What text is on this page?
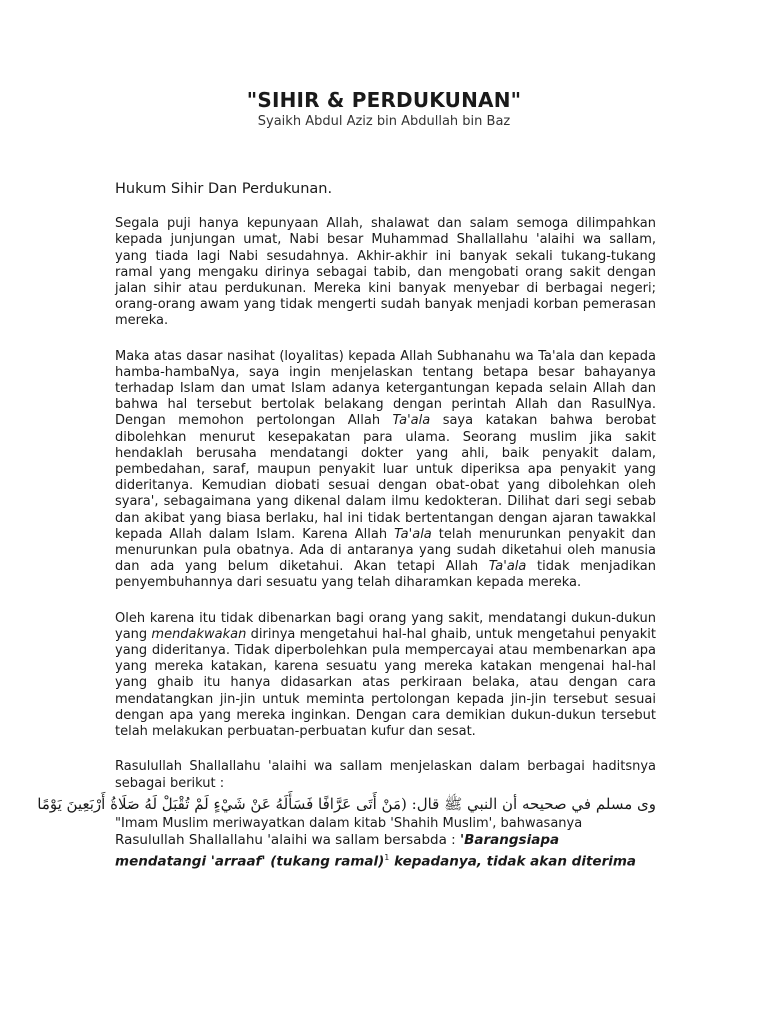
"SIHIR & PERDUKUNAN"
Syaikh Abdul Aziz bin Abdullah bin Baz
Hukum Sihir Dan Perdukunan.

Segala puji hanya kepunyaan Allah, shalawat dan salam semoga dilimpahkan kepada junjungan umat, Nabi besar Muhammad Shallallahu 'alaihi wa sallam, yang tiada lagi Nabi sesudahnya. Akhir-akhir ini banyak sekali tukang-tukang ramal yang mengaku dirinya sebagai tabib, dan mengobati orang sakit dengan jalan sihir atau perdukunan. Mereka kini banyak menyebar di berbagai negeri; orang-orang awam yang tidak mengerti sudah banyak menjadi korban pemerasan mereka.

Maka atas dasar nasihat (loyalitas) kepada Allah Subhanahu wa Ta'ala dan kepada hamba-hambaNya, saya ingin menjelaskan tentang betapa besar bahayanya terhadap Islam dan umat Islam adanya ketergantungan kepada selain Allah dan bahwa hal tersebut bertolak belakang dengan perintah Allah dan RasulNya. Dengan memohon pertolongan Allah Ta'ala saya katakan bahwa berobat dibolehkan menurut kesepakatan para ulama. Seorang muslim jika sakit hendaklah berusaha mendatangi dokter yang ahli, baik penyakit dalam, pembedahan, saraf, maupun penyakit luar untuk diperiksa apa penyakit yang dideritanya. Kemudian diobati sesuai dengan obat-obat yang dibolehkan oleh syara', sebagaimana yang dikenal dalam ilmu kedokteran. Dilihat dari segi sebab dan akibat yang biasa berlaku, hal ini tidak bertentangan dengan ajaran tawakkal kepada Allah dalam Islam. Karena Allah Ta'ala telah menurunkan penyakit dan menurunkan pula obatnya. Ada di antaranya yang sudah diketahui oleh manusia dan ada yang belum diketahui. Akan tetapi Allah Ta'ala tidak menjadikan penyembuhannya dari sesuatu yang telah diharamkan kepada mereka.

Oleh karena itu tidak dibenarkan bagi orang yang sakit, mendatangi dukun-dukun yang mendakwakan dirinya mengetahui hal-hal ghaib, untuk mengetahui penyakit yang dideritanya. Tidak diperbolehkan pula mempercayai atau membenarkan apa yang mereka katakan, karena sesuatu yang mereka katakan mengenai hal-hal yang ghaib itu hanya didasarkan atas perkiraan belaka, atau dengan cara mendatangkan jin-jin untuk meminta pertolongan kepada jin-jin tersebut sesuai dengan apa yang mereka inginkan. Dengan cara demikian dukun-dukun tersebut telah melakukan perbuatan-perbuatan kufur dan sesat.

Rasulullah Shallallahu 'alaihi wa sallam menjelaskan dalam berbagai haditsnya sebagai berikut :

وى مسلم في صحيحه أن النبي ﷺ قال: (مَنْ أَتَى عَرَّافًا فَسَأَلَهُ عَنْ شَيْءٍ لَمْ تُقْبَلْ لَهُ صَلَاةُ أَرْبَعِينَ يَوْمًا
"Imam Muslim meriwayatkan dalam kitab 'Shahih Muslim', bahwasanya
Rasulullah Shallallahu 'alaihi wa sallam bersabda : 'Barangsiapa
mendatangi 'arraaf' (tukang ramal)$^1$ kepadanya, tidak akan diterima
